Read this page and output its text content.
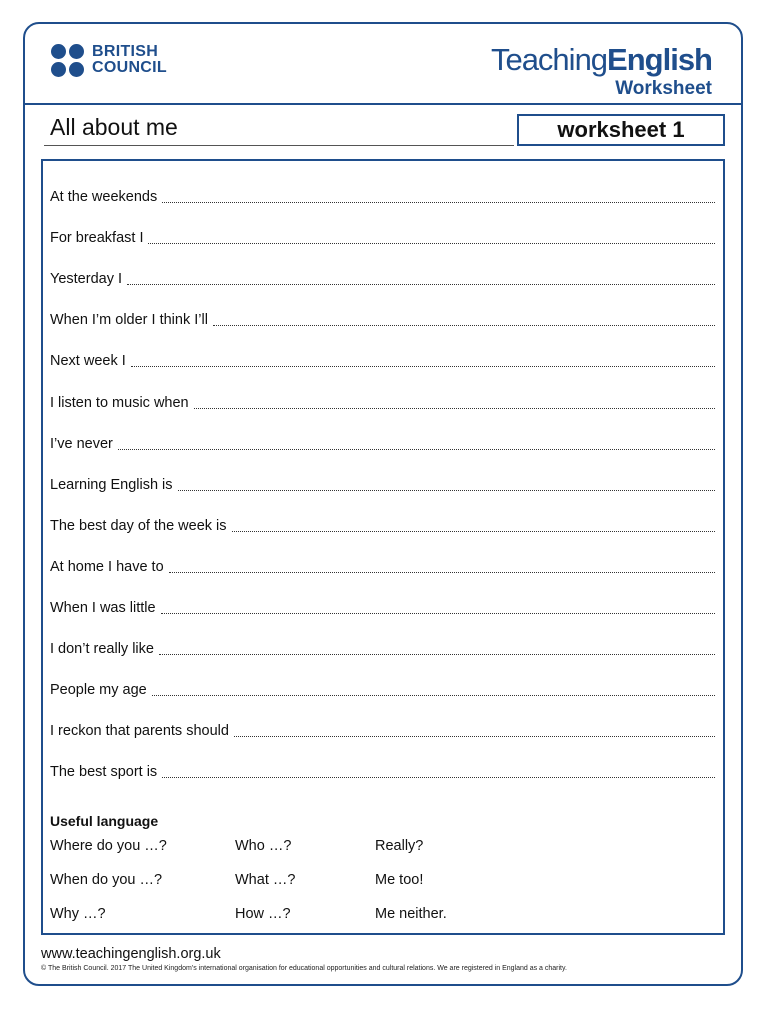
BRITISH
COUNCIL	TeachingEnglish
Worksheet
All about me	worksheet 1
At the weekends
For breakfast I
Yesterday I
When I’m older I think I’ll
Next week I
I listen to music when
I’ve never
Learning English is
The best day of the week is
At home I have to
When I was little
I don’t really like
People my age
I reckon that parents should
The best sport is
Useful language
Where do you …?	Who …?	Really?
When do you …?	What …?	Me too!
Why …?	How …?	Me neither.
www.teachingenglish.org.uk
© The British Council. 2017 The United Kingdom’s international organisation for educational opportunities and cultural relations. We are registered in England as a charity.
